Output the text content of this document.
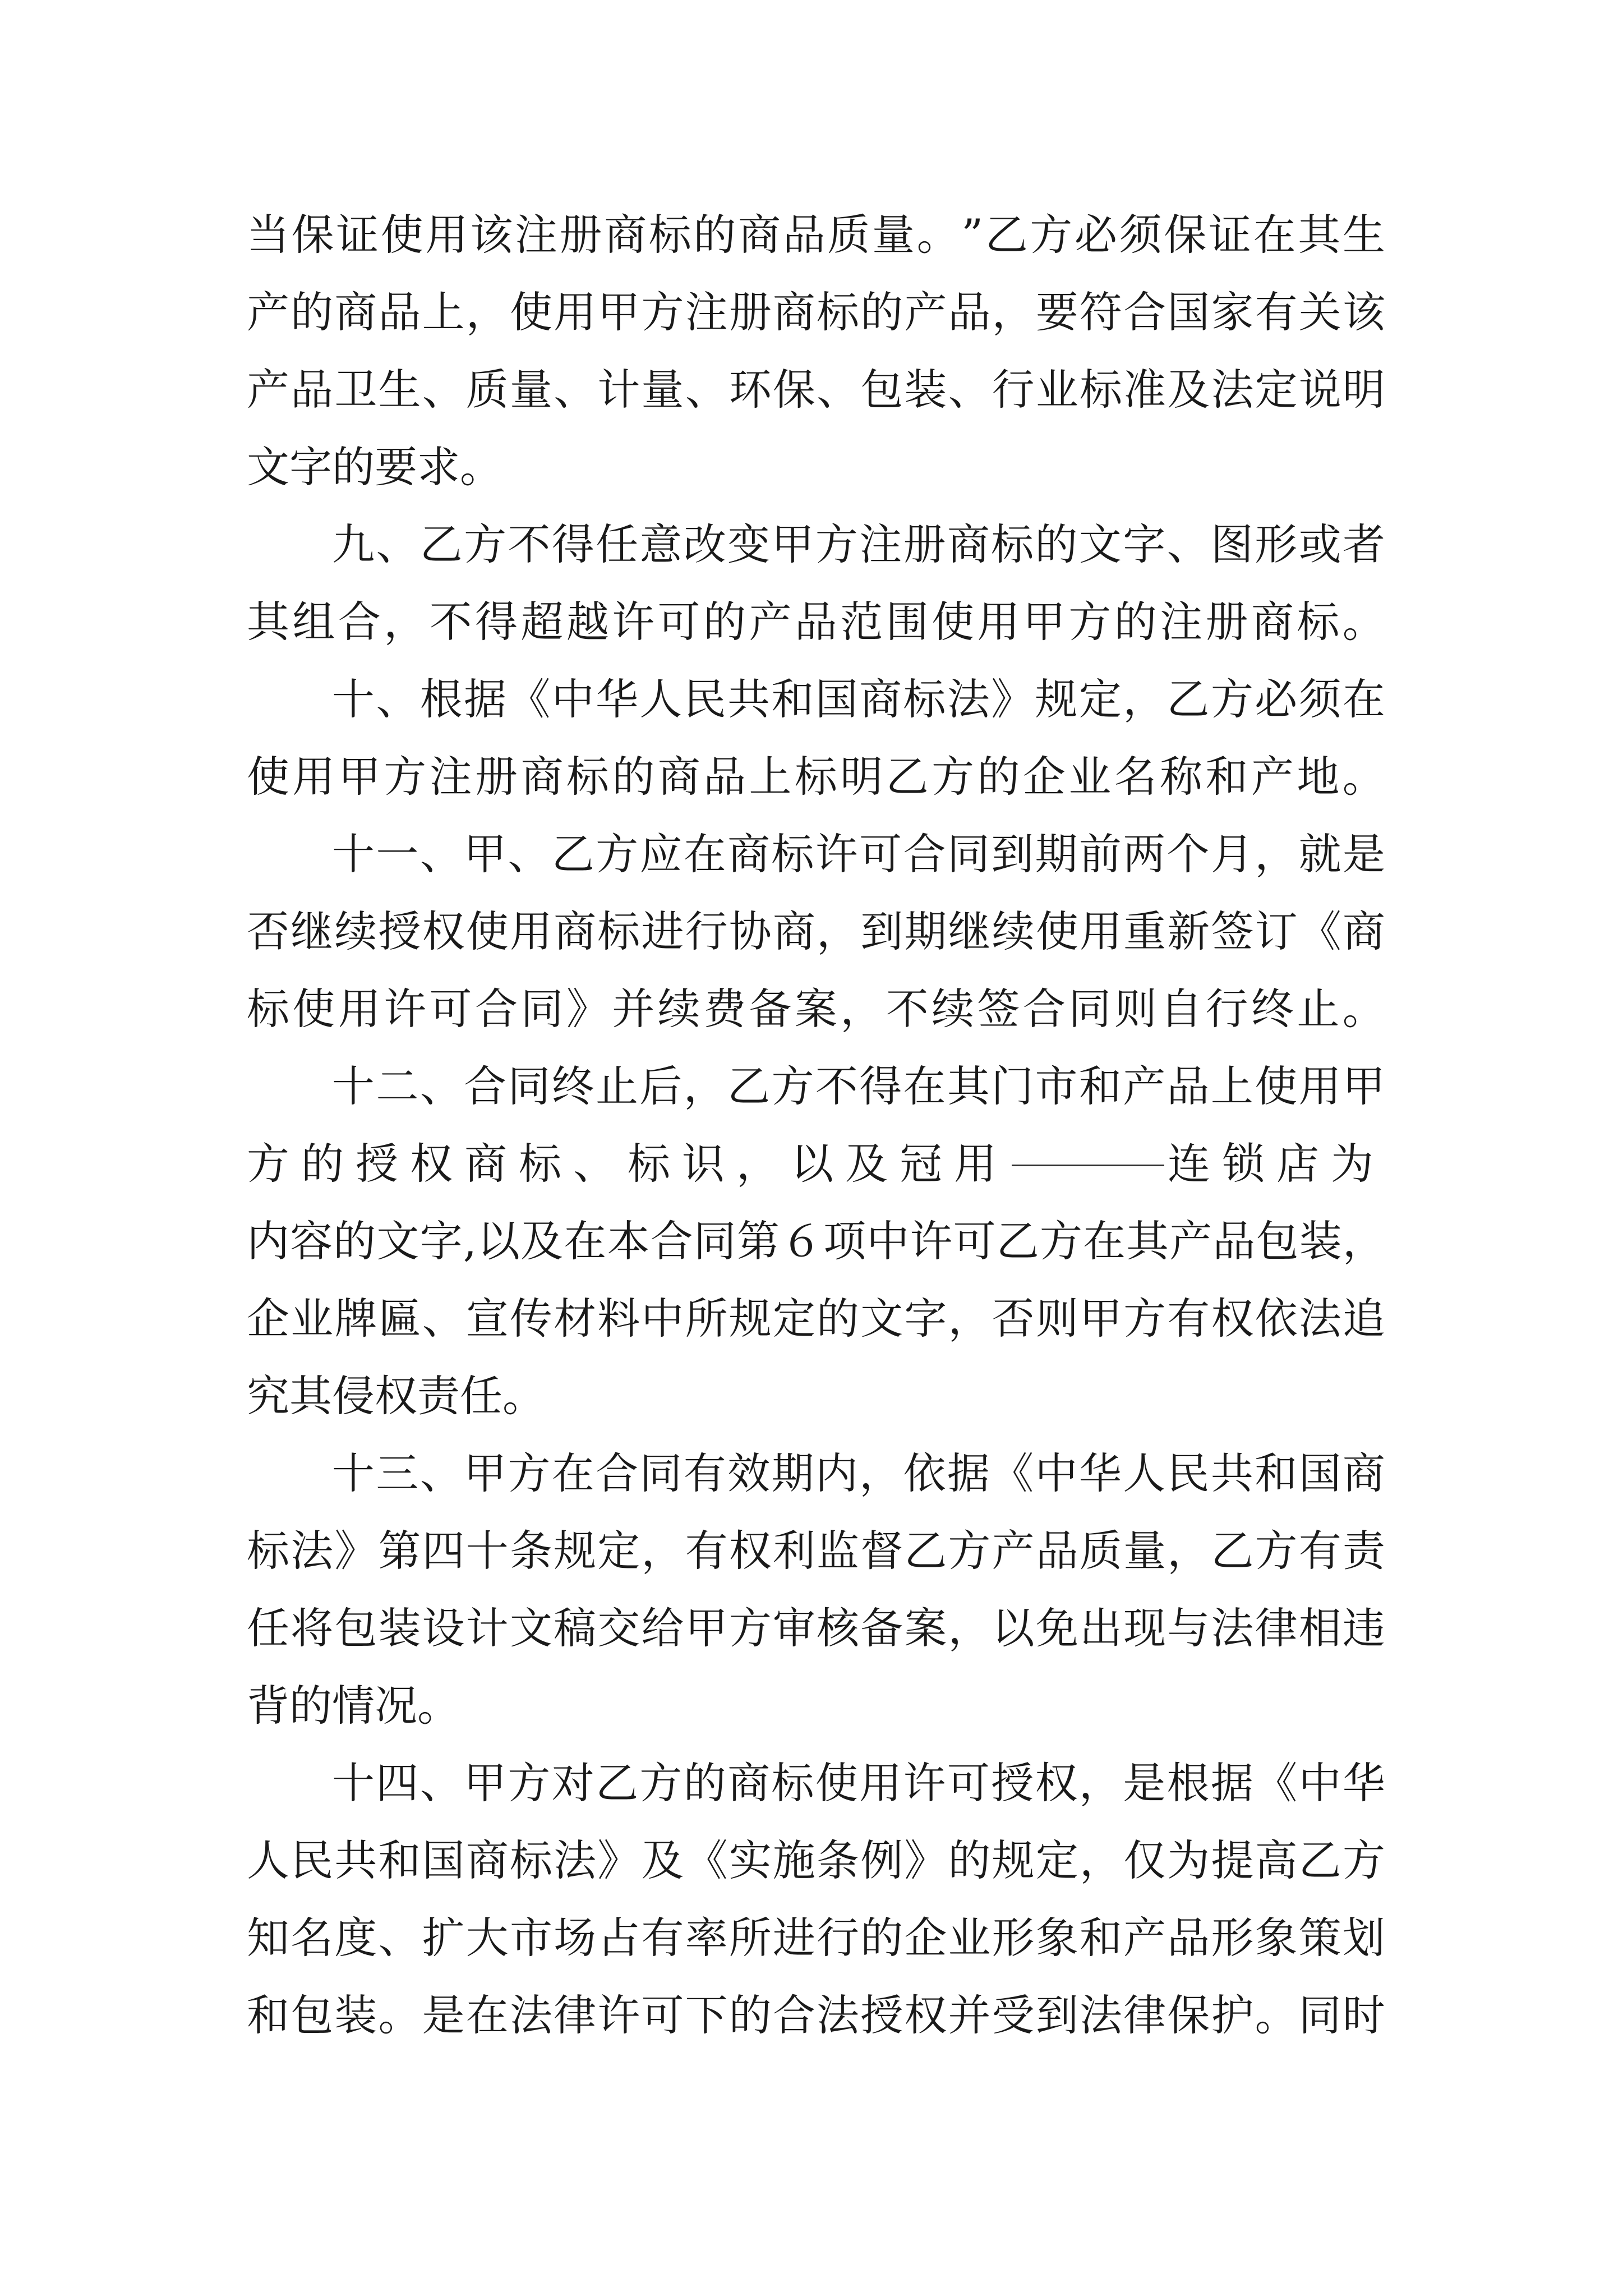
当 保 证 使 用 该 注 册 商 标 的 商 品 质 量 。 ” 乙 方 必 须 保 证 在 其 生
产 的 商 品 上 ， 使 用 甲 方 注 册 商 标 的 产 品 ， 要 符 合 国 家 有 关 该
产 品 卫 生 、 质 量 、 计 量 、 环 保 、 包 装 、 行 业 标 准 及 法 定 说 明
文字的要求。
九 、 乙 方 不 得 任 意 改 变 甲 方 注 册 商 标 的 文 字 、 图 形 或 者
其 组 合 ， 不 得 超 越 许 可 的 产 品 范 围 使 用 甲 方 的 注 册 商 标 。
十 、 根 据 《 中 华 人 民 共 和 国 商 标 法 》 规 定 ， 乙 方 必 须 在
使 用 甲 方 注 册 商 标 的 商 品 上 标 明 乙 方 的 企 业 名 称 和 产 地 。
十 一 、 甲 、 乙 方 应 在 商 标 许 可 合 同 到 期 前 两 个 月 ， 就 是
否 继 续 授 权 使 用 商 标 进 行 协 商 ， 到 期 继 续 使 用 重 新 签 订 《 商
标 使 用 许 可 合 同 》 并 续 费 备 案 ， 不 续 签 合 同 则 自 行 终 止 。
十 二 、 合 同 终 止 后 ， 乙 方 不 得 在 其 门 市 和 产 品 上 使 用 甲
方的授权商标、标识，以及冠用	连锁店为
内 容 的 文 字 , 以 及 在 本 合 同 第 ６ 项 中 许 可 乙 方 在 其 产 品 包 装 ，
企 业 牌 匾 、 宣 传 材 料 中 所 规 定 的 文 字 ， 否 则 甲 方 有 权 依 法 追
究其侵权责任。
十 三 、 甲 方 在 合 同 有 效 期 内 ， 依 据 《 中 华 人 民 共 和 国 商
标 法 》 第 四 十 条 规 定 ， 有 权 利 监 督 乙 方 产 品 质 量 ， 乙 方 有 责
任 将 包 装 设 计 文 稿 交 给 甲 方 审 核 备 案 ， 以 免 出 现 与 法 律 相 违
背的情况。
十 四 、 甲 方 对 乙 方 的 商 标 使 用 许 可 授 权 ， 是 根 据 《 中 华
人 民 共 和 国 商 标 法 》 及 《 实 施 条 例 》 的 规 定 ， 仅 为 提 高 乙 方
知 名 度 、 扩 大 市 场 占 有 率 所 进 行 的 企 业 形 象 和 产 品 形 象 策 划
和 包 装 。 是 在 法 律 许 可 下 的 合 法 授 权 并 受 到 法 律 保 护 。 同 时
